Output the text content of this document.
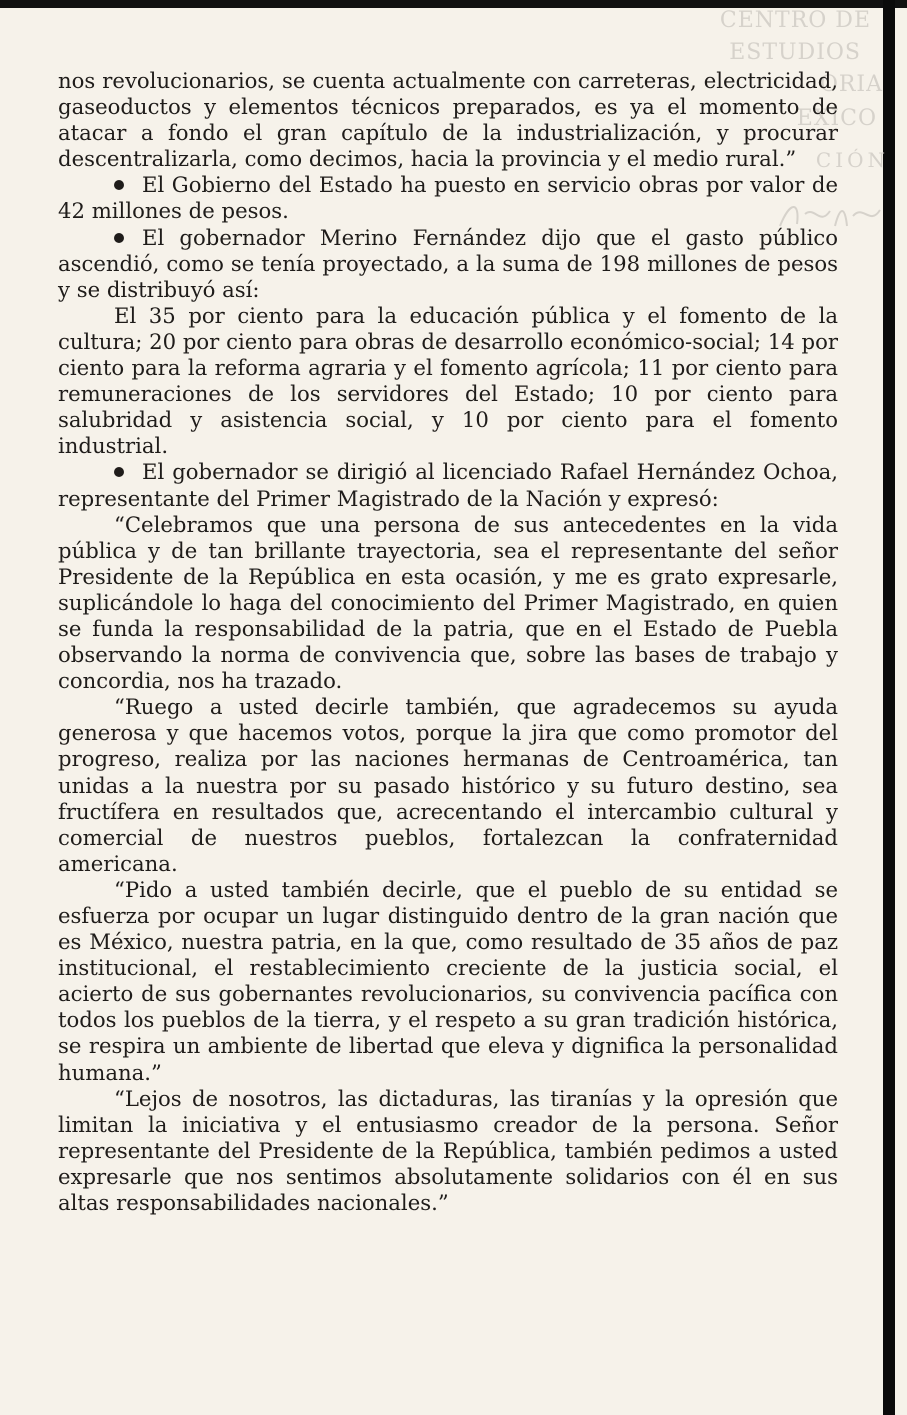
CENTRO DE
ESTUDIOS
ORIA
EXICO
CIÓN

nos revolucionarios, se cuenta actualmente con carreteras, electricidad, gaseoductos y elementos técnicos preparados, es ya el momento de atacar a fondo el gran capítulo de la industrialización, y procurar descentralizarla, como decimos, hacia la provincia y el medio rural.”

El Gobierno del Estado ha puesto en servicio obras por valor de 42 millones de pesos.

El gobernador Merino Fernández dijo que el gasto público ascendió, como se tenía proyectado, a la suma de 198 millones de pesos y se distribuyó así:

El 35 por ciento para la educación pública y el fomento de la cultura; 20 por ciento para obras de desarrollo económico-social; 14 por ciento para la reforma agraria y el fomento agrícola; 11 por ciento para remuneraciones de los servidores del Estado; 10 por ciento para salubridad y asistencia social, y 10 por ciento para el fomento industrial.

El gobernador se dirigió al licenciado Rafael Hernández Ochoa, representante del Primer Magistrado de la Nación y expresó:

“Celebramos que una persona de sus antecedentes en la vida pública y de tan brillante trayectoria, sea el representante del señor Presidente de la República en esta ocasión, y me es grato expresarle, suplicándole lo haga del conocimiento del Primer Magistrado, en quien se funda la responsabilidad de la patria, que en el Estado de Puebla observando la norma de convivencia que, sobre las bases de trabajo y concordia, nos ha trazado.

“Ruego a usted decirle también, que agradecemos su ayuda generosa y que hacemos votos, porque la jira que como promotor del progreso, realiza por las naciones hermanas de Centroamérica, tan unidas a la nuestra por su pasado histórico y su futuro destino, sea fructífera en resultados que, acrecentando el intercambio cultural y comercial de nuestros pueblos, fortalezcan la confraternidad americana.

“Pido a usted también decirle, que el pueblo de su entidad se esfuerza por ocupar un lugar distinguido dentro de la gran nación que es México, nuestra patria, en la que, como resultado de 35 años de paz institucional, el restablecimiento creciente de la justicia social, el acierto de sus gobernantes revolucionarios, su convivencia pacífica con todos los pueblos de la tierra, y el respeto a su gran tradición histórica, se respira un ambiente de libertad que eleva y dignifica la personalidad humana.”

“Lejos de nosotros, las dictaduras, las tiranías y la opresión que limitan la iniciativa y el entusiasmo creador de la persona. Señor representante del Presidente de la República, también pedimos a usted expresarle que nos sentimos absolutamente solidarios con él en sus altas responsabilidades nacionales.”
